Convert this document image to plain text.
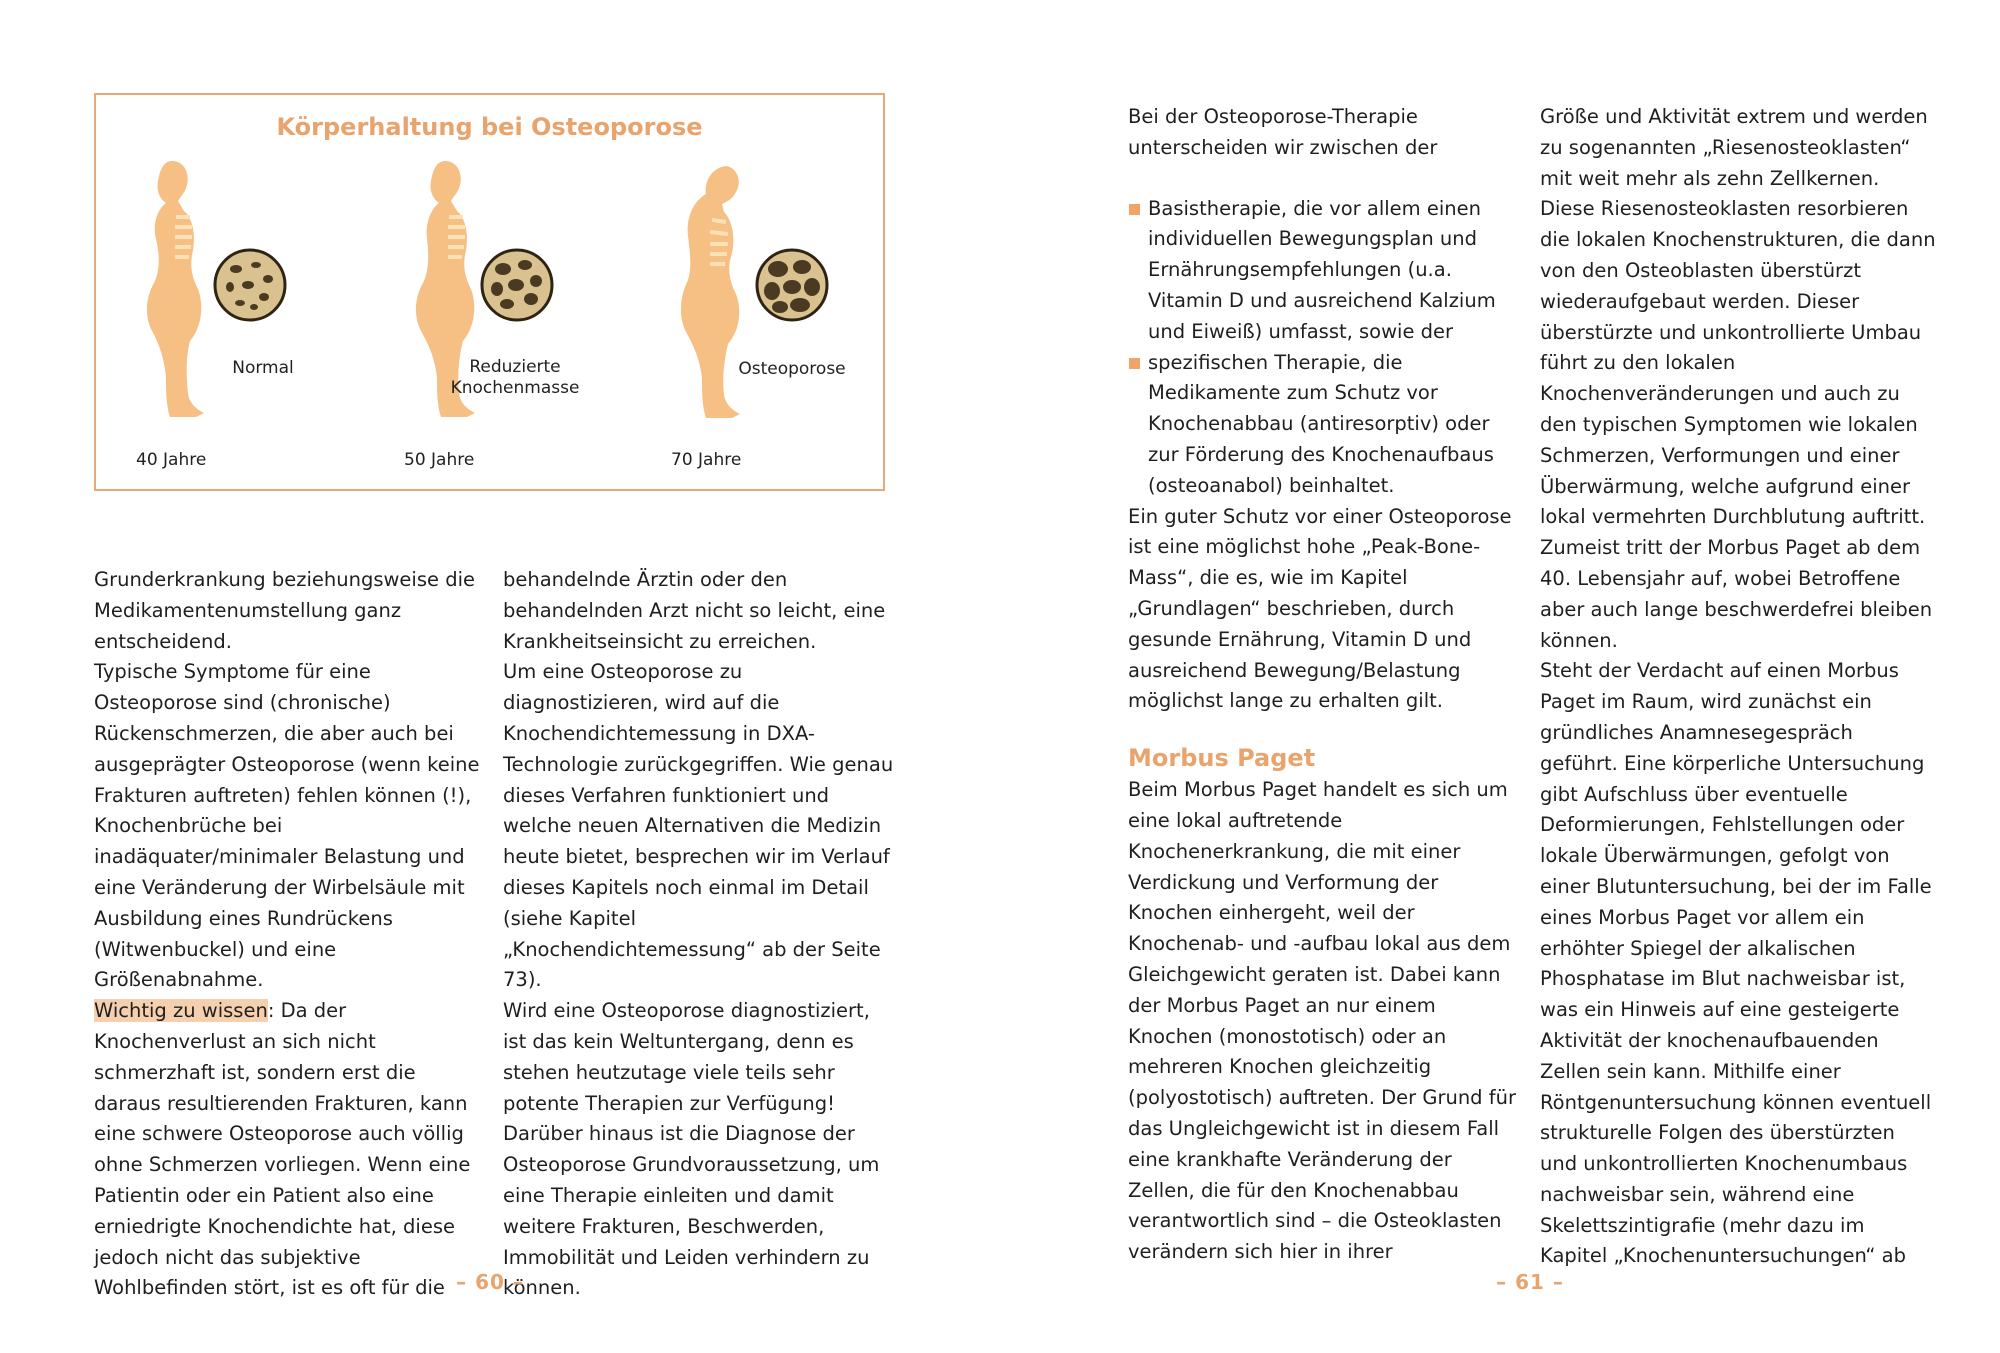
Körperhaltung bei Osteoporose
Normal
40 Jahre
Reduzierte Knochenmasse
50 Jahre
Osteoporose
70 Jahre

Grunderkrankung beziehungsweise die Medikamentenumstellung ganz entscheidend.

Typische Symptome für eine Osteoporose sind (chronische) Rückenschmerzen, die aber auch bei ausgeprägter Osteoporose (wenn keine Frakturen auftreten) fehlen können (!), Knochenbrüche bei inadäquater/minimaler Belastung und eine Veränderung der Wirbelsäule mit Ausbildung eines Rundrückens (Witwenbuckel) und eine Größenabnahme.

Wichtig zu wissen: Da der Knochenverlust an sich nicht schmerzhaft ist, sondern erst die daraus resultierenden Frakturen, kann eine schwere Osteoporose auch völlig ohne Schmerzen vorliegen. Wenn eine Patientin oder ein Patient also eine erniedrigte Knochendichte hat, diese jedoch nicht das subjektive Wohlbefinden stört, ist es oft für die

behandelnde Ärztin oder den behandelnden Arzt nicht so leicht, eine Krankheitseinsicht zu erreichen.

Um eine Osteoporose zu diagnostizieren, wird auf die Knochendichtemessung in DXA-Technologie zurückgegriffen. Wie genau dieses Verfahren funktioniert und welche neuen Alternativen die Medizin heute bietet, besprechen wir im Verlauf dieses Kapitels noch einmal im Detail (siehe Kapitel „Knochendichtemessung“ ab der Seite 73).

Wird eine Osteoporose diagnostiziert, ist das kein Weltuntergang, denn es stehen heutzutage viele teils sehr potente Therapien zur Verfügung! Darüber hinaus ist die Diagnose der Osteoporose Grundvoraussetzung, um eine Therapie einleiten und damit weitere Frakturen, Beschwerden, Immobilität und Leiden verhindern zu können.

– 60 –

Bei der Osteoporose-Therapie unterscheiden wir zwischen der

Basistherapie, die vor allem einen individuellen Bewegungsplan und Ernährungsempfehlungen (u.a. Vitamin D und ausreichend Kalzium und Eiweiß) umfasst, sowie der
spezifischen Therapie, die Medikamente zum Schutz vor Knochenabbau (antiresorptiv) oder zur Förderung des Knochenaufbaus (osteoanabol) beinhaltet.

Ein guter Schutz vor einer Osteoporose ist eine möglichst hohe „Peak-Bone-Mass“, die es, wie im Kapitel „Grundlagen“ beschrieben, durch gesunde Ernährung, Vitamin D und ausreichend Bewegung/Belastung möglichst lange zu erhalten gilt.

Morbus Paget

Beim Morbus Paget handelt es sich um eine lokal auftretende Knochenerkrankung, die mit einer Verdickung und Verformung der Knochen einhergeht, weil der Knochenab- und -aufbau lokal aus dem Gleichgewicht geraten ist. Dabei kann der Morbus Paget an nur einem Knochen (monostotisch) oder an mehreren Knochen gleichzeitig (polyostotisch) auftreten. Der Grund für das Ungleichgewicht ist in diesem Fall eine krankhafte Veränderung der Zellen, die für den Knochenabbau verantwortlich sind – die Osteoklasten verändern sich hier in ihrer

Größe und Aktivität extrem und werden zu sogenannten „Riesenosteoklasten“ mit weit mehr als zehn Zellkernen. Diese Riesenosteoklasten resorbieren die lokalen Knochenstrukturen, die dann von den Osteoblasten überstürzt wiederaufgebaut werden. Dieser überstürzte und unkontrollierte Umbau führt zu den lokalen Knochenveränderungen und auch zu den typischen Symptomen wie lokalen Schmerzen, Verformungen und einer Überwärmung, welche aufgrund einer lokal vermehrten Durchblutung auftritt. Zumeist tritt der Morbus Paget ab dem 40. Lebensjahr auf, wobei Betroffene aber auch lange beschwerdefrei bleiben können.

Steht der Verdacht auf einen Morbus Paget im Raum, wird zunächst ein gründliches Anamnesegespräch geführt. Eine körperliche Untersuchung gibt Aufschluss über eventuelle Deformierungen, Fehlstellungen oder lokale Überwärmungen, gefolgt von einer Blutuntersuchung, bei der im Falle eines Morbus Paget vor allem ein erhöhter Spiegel der alkalischen Phosphatase im Blut nachweisbar ist, was ein Hinweis auf eine gesteigerte Aktivität der knochenaufbauenden Zellen sein kann. Mithilfe einer Röntgenuntersuchung können eventuell strukturelle Folgen des überstürzten und unkontrollierten Knochenumbaus nachweisbar sein, während eine Skelettszintigrafie (mehr dazu im Kapitel „Knochenuntersuchungen“ ab

– 61 –
